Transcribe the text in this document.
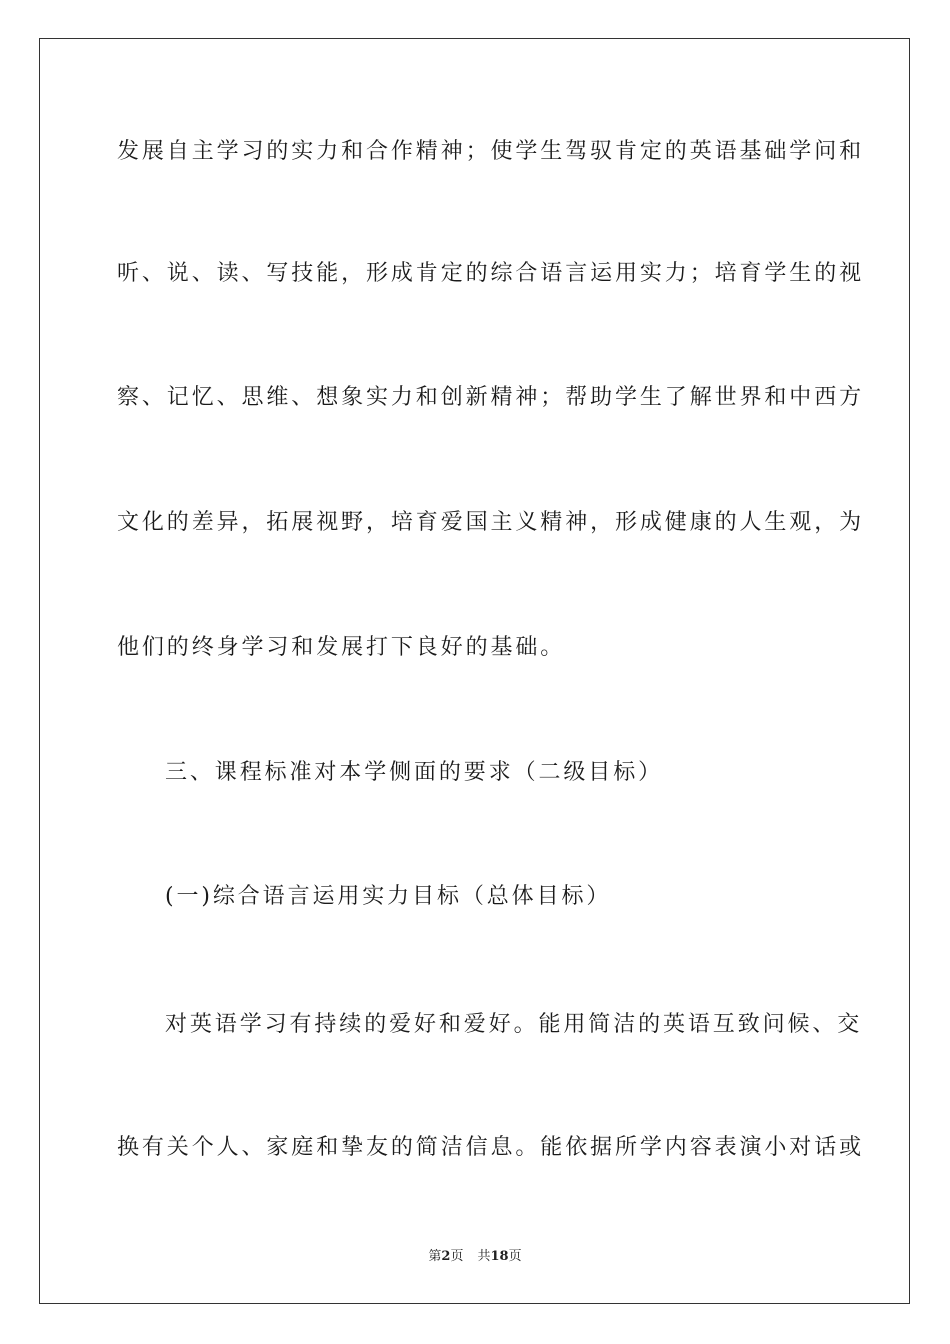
发展自主学习的实力和合作精神；使学生驾驭肯定的英语基础学问和
听、说、读、写技能，形成肯定的综合语言运用实力；培育学生的视
察、记忆、思维、想象实力和创新精神；帮助学生了解世界和中西方
文化的差异，拓展视野，培育爱国主义精神，形成健康的人生观，为
他们的终身学习和发展打下良好的基础。
三、课程标准对本学侧面的要求（二级目标）
(一)综合语言运用实力目标（总体目标）
对英语学习有持续的爱好和爱好。能用简洁的英语互致问候、交
换有关个人、家庭和挚友的简洁信息。能依据所学内容表演小对话或
第2页 共18页
